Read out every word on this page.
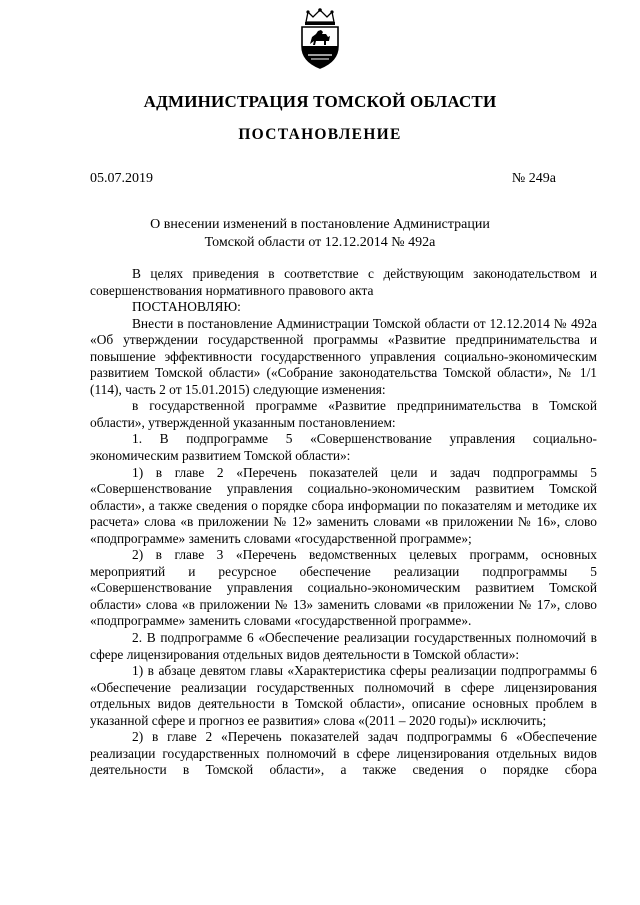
АДМИНИСТРАЦИЯ ТОМСКОЙ ОБЛАСТИ
ПОСТАНОВЛЕНИЕ
05.07.2019	№ 249а
О внесении изменений в постановление Администрации
Томской области от 12.12.2014 № 492а

В целях приведения в соответствие с действующим законодательством и совершенствования нормативного правового акта

ПОСТАНОВЛЯЮ:

Внести в постановление Администрации Томской области от 12.12.2014 № 492а «Об утверждении государственной программы «Развитие предпринимательства и повышение эффективности государственного управления социально-экономическим развитием Томской области» («Собрание законодательства Томской области», № 1/1 (114), часть 2 от 15.01.2015) следующие изменения:

в государственной программе «Развитие предпринимательства в Томской области», утвержденной указанным постановлением:

1. В подпрограмме 5 «Совершенствование управления социально-экономическим развитием Томской области»:

1) в главе 2 «Перечень показателей цели и задач подпрограммы 5 «Совершенствование управления социально-экономическим развитием Томской области», а также сведения о порядке сбора информации по показателям и методике их расчета» слова «в приложении № 12» заменить словами «в приложении № 16», слово «подпрограмме» заменить словами «государственной программе»;

2) в главе 3 «Перечень ведомственных целевых программ, основных мероприятий и ресурсное обеспечение реализации подпрограммы 5 «Совершенствование управления социально-экономическим развитием Томской области» слова «в приложении № 13» заменить словами «в приложении № 17», слово «подпрограмме» заменить словами «государственной программе».

2. В подпрограмме 6 «Обеспечение реализации государственных полномочий в сфере лицензирования отдельных видов деятельности в Томской области»:

1) в абзаце девятом главы «Характеристика сферы реализации подпрограммы 6 «Обеспечение реализации государственных полномочий в сфере лицензирования отдельных видов деятельности в Томской области», описание основных проблем в указанной сфере и прогноз ее развития» слова «(2011 – 2020 годы)» исключить;

2) в главе 2 «Перечень показателей задач подпрограммы 6 «Обеспечение реализации государственных полномочий в сфере лицензирования отдельных видов деятельности в Томской области», а также сведения о порядке сбора
